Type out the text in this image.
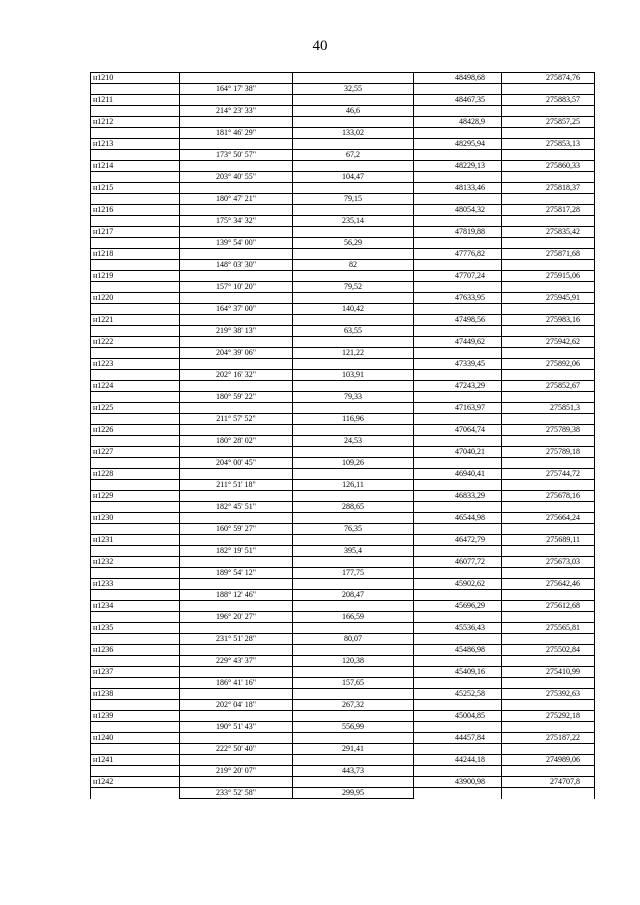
40
н1210			48498,68	275874,76
	164° 17' 38"	32,55		
н1211			48467,35	275883,57
	214° 23' 33"	46,6		
н1212			48428,9	275857,25
	181° 46' 29"	133,02		
н1213			48295,94	275853,13
	173° 50' 57"	67,2		
н1214			48229,13	275860,33
	203° 40' 55"	104,47		
н1215			48133,46	275818,37
	180° 47' 21"	79,15		
н1216			48054,32	275817,28
	175° 34' 32"	235,14		
н1217			47819,88	275835,42
	139° 54' 00"	56,29		
н1218			47776,82	275871,68
	148° 03' 30"	82		
н1219			47707,24	275915,06
	157° 10' 20"	79,52		
н1220			47633,95	275945,91
	164° 37' 00"	140,42		
н1221			47498,56	275983,16
	219° 38' 13"	63,55		
н1222			47449,62	275942,62
	204° 39' 06"	121,22		
н1223			47339,45	275892,06
	202° 16' 32"	103,91		
н1224			47243,29	275852,67
	180° 59' 22"	79,33		
н1225			47163,97	275851,3
	211° 57' 52"	116,96		
н1226			47064,74	275789,38
	180° 28' 02"	24,53		
н1227			47040,21	275789,18
	204° 00' 45"	109,26		
н1228			46940,41	275744,72
	211° 51' 18"	126,11		
н1229			46833,29	275678,16
	182° 45' 51"	288,65		
н1230			46544,98	275664,24
	160° 59' 27"	76,35		
н1231			46472,79	275689,11
	182° 19' 51"	395,4		
н1232			46077,72	275673,03
	189° 54' 12"	177,75		
н1233			45902,62	275642,46
	188° 12' 46"	208,47		
н1234			45696,29	275612,68
	196° 20' 27"	166,59		
н1235			45536,43	275565,81
	231° 51' 28"	80,07		
н1236			45486,98	275502,84
	229° 43' 37"	120,38		
н1237			45409,16	275410,99
	186° 41' 16"	157,65		
н1238			45252,58	275392,63
	202° 04' 18"	267,32		
н1239			45004,85	275292,18
	190° 51' 43"	556,99		
н1240			44457,84	275187,22
	222° 50' 40"	291,41		
н1241			44244,18	274989,06
	219° 20' 07"	443,73		
н1242			43900,98	274707,8
	233° 52' 58"	299,95		
